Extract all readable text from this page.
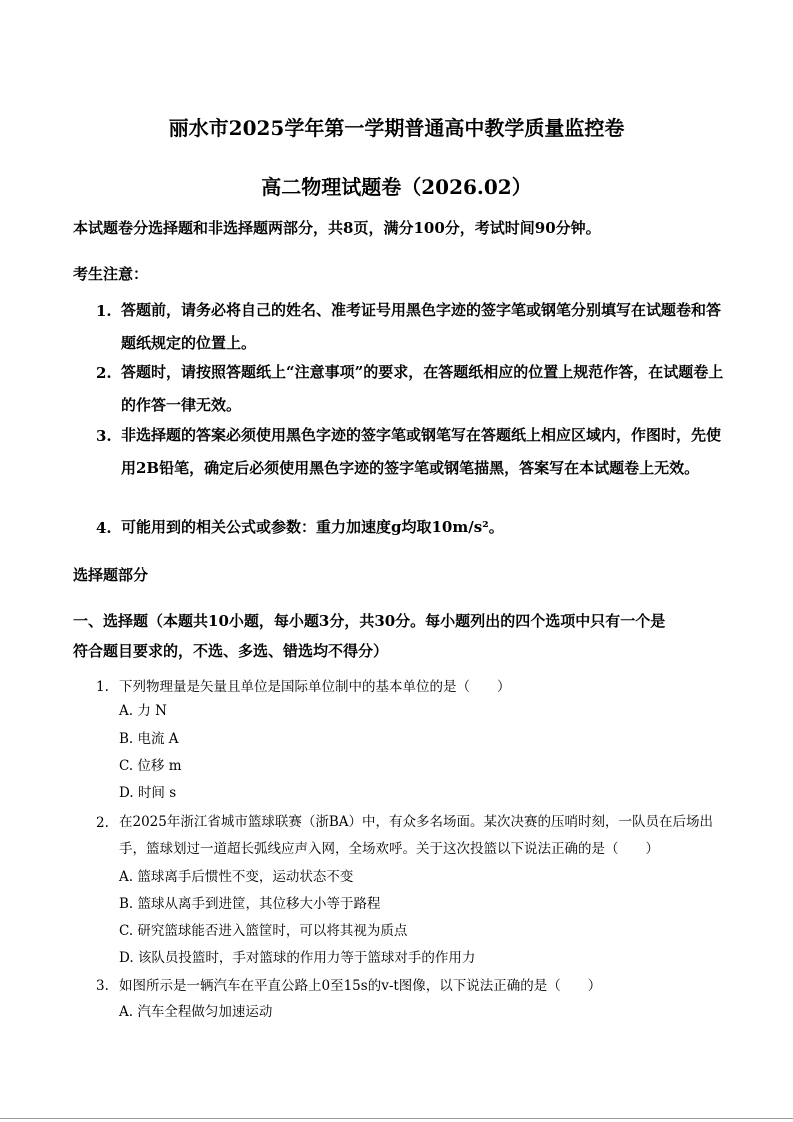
丽水市2025学年第一学期普通高中教学质量监控卷
高二物理试题卷（2026.02）
本试题卷分选择题和非选择题两部分，共8页，满分100分，考试时间90分钟。
考生注意：
1. 答题前，请务必将自己的姓名、准考证号用黑色字迹的签字笔或钢笔分别填写在试题卷和答题纸规定的位置上。
2. 答题时，请按照答题纸上“注意事项”的要求，在答题纸相应的位置上规范作答，在试题卷上的作答一律无效。
3. 非选择题的答案必须使用黑色字迹的签字笔或钢笔写在答题纸上相应区域内，作图时，先使用2B铅笔，确定后必须使用黑色字迹的签字笔或钢笔描黑，答案写在本试题卷上无效。
4. 可能用到的相关公式或参数：重力加速度g均取10m/s²。
选择题部分
一、选择题（本题共10小题，每小题3分，共30分。每小题列出的四个选项中只有一个是
符合题目要求的，不选、多选、错选均不得分）
1. 下列物理量是矢量且单位是国际单位制中的基本单位的是（　　）
A. 力 N
B. 电流 A
C. 位移 m
D. 时间 s
2. 在2025年浙江省城市篮球联赛（浙BA）中，有众多名场面。某次决赛的压哨时刻，一队员在后场出手，篮球划过一道超长弧线应声入网，全场欢呼。关于这次投篮以下说法正确的是（　　）
A. 篮球离手后惯性不变，运动状态不变
B. 篮球从离手到进筐，其位移大小等于路程
C. 研究篮球能否进入篮筐时，可以将其视为质点
D. 该队员投篮时，手对篮球的作用力等于篮球对手的作用力
3. 如图所示是一辆汽车在平直公路上0至15s的v-t图像，以下说法正确的是（　　）
A. 汽车全程做匀加速运动
